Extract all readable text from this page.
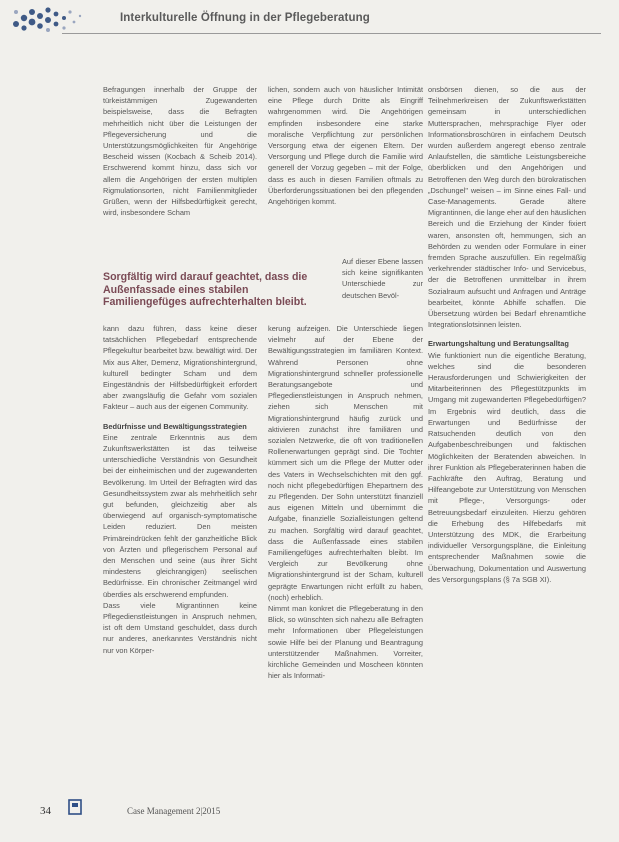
Interkulturelle Öffnung in der Pflegeberatung

Befragungen innerhalb der Gruppe der türkeistämmigen Zugewanderten beispielsweise, dass die Befragten mehrheitlich nicht über die Leistungen der Pflegeversicherung und die Unterstützungsmöglichkeiten für Angehörige Bescheid wissen (Kocbach & Scheib 2014). Erschwerend kommt hinzu, dass sich vor allem die Angehörigen der ersten multiplen Rigmulationsorten, nicht Familienmitglieder Grüßen, wenn der Hilfsbedürftigkeit gerecht, wird, insbesondere Scham

Sorgfältig wird darauf geachtet, dass die Außenfassade eines stabilen Familiengefüges aufrechterhalten bleibt.

kann dazu führen, dass keine dieser tatsächlichen Pflegebedarf entsprechende Pflegekultur bearbeitet bzw. bewältigt wird. Der Mix aus Alter, Demenz, Migrationshintergrund, kulturell bedingter Scham und dem Eingeständnis der Hilfsbedürftigkeit erfordert aber zwangsläufig die Gefahr vom sozialen Fakteur – auch aus der eigenen Community.

Bedürfnisse und Bewältigungsstrategien

Eine zentrale Erkenntnis aus dem Zukunftswerkstätten ist das teilweise unterschiedliche Verständnis von Gesundheit bei der einheimischen und der zugewanderten Bevölkerung. Im Urteil der Befragten wird das Gesundheitssystem zwar als mehrheitlich sehr gut befunden, gleichzeitig aber als überwiegend auf organisch-symptomatische Leiden reduziert. Den meisten Primäreindrücken fehlt der ganzheitliche Blick von Ärzten und pflegerischem Personal auf den Menschen und seine (aus ihrer Sicht mindestens gleichrangigen) seelischen Bedürfnisse. Ein chronischer Zeitmangel wird überdies als erschwerend empfunden.

Dass viele Migrantinnen keine Pflegedienstleistungen in Anspruch nehmen, ist oft dem Umstand geschuldet, dass durch nur anderes, anerkanntes Verständnis nicht nur von Körper-

lichen, sondern auch von häuslicher Intimität eine Pflege durch Dritte als Eingriff wahrgenommen wird. Die Angehörigen empfinden insbesondere eine starke moralische Verpflichtung zur persönlichen Versorgung etwa der eigenen Eltern. Der Versorgung und Pflege durch die Familie wird generell der Vorzug gegeben – mit der Folge, dass es auch in diesen Familien oftmals zu Überforderungssituationen bei den pflegenden Angehörigen kommt.

Auf dieser Ebene lassen sich keine signifikanten Unterschiede zur deutschen Bevöl-

kerung aufzeigen. Die Unterschiede liegen vielmehr auf der Ebene der Bewältigungsstrategien im familiären Kontext. Während Personen ohne Migrationshintergrund schneller professionelle Beratungsangebote und Pflegedienstleistungen in Anspruch nehmen, ziehen sich Menschen mit Migrationshintergrund häufig zurück und aktivieren zunächst ihre familiären und sozialen Netzwerke, die oft von traditionellen Rollenerwartungen geprägt sind. Die Tochter kümmert sich um die Pflege der Mutter oder des Vaters in Wechselschichten mit den ggf. noch nicht pflegebedürftigen Ehepartnern des zu Pflegenden. Der Sohn unterstützt finanziell aus eigenen Mitteln und übernimmt die Aufgabe, finanzielle Sozialleistungen geltend zu machen. Sorgfältig wird darauf geachtet, dass die Außenfassade eines stabilen Familiengefüges aufrechterhalten bleibt. Im Vergleich zur Bevölkerung ohne Migrationshintergrund ist der Scham, kulturell geprägte Erwartungen nicht erfüllt zu haben, (noch) erheblich.

Nimmt man konkret die Pflegeberatung in den Blick, so wünschten sich nahezu alle Befragten mehr Informationen über Pflegeleistungen sowie Hilfe bei der Planung und Beantragung unterstützender Maßnahmen. Vorreiter, kirchliche Gemeinden und Moscheen könnten hier als Informati-

onsbörsen dienen, so die aus der Teilnehmerkreisen der Zukunftswerkstätten gemeinsam in unterschiedlichen Muttersprachen, mehrsprachige Flyer oder Informationsbroschüren in einfachem Deutsch wurden außerdem angeregt ebenso zentrale Anlaufstellen, die sämtliche Leistungsbereiche überblicken und den Angehörigen und Betroffenen den Weg durch den bürokratischen „Dschungel" weisen – im Sinne eines Fall- und Case-Managements. Gerade ältere Migrantinnen, die lange eher auf den häuslichen Bereich und die Erziehung der Kinder fixiert waren, ansonsten oft, hemmungen, sich an Behörden zu wenden oder Formulare in einer fremden Sprache auszufüllen. Ein regelmäßig verkehrender städtischer Info- und Servicebus, der die Betroffenen unmittelbar in ihrem Sozialraum aufsucht und Anfragen und Anträge bearbeitet, könnte Abhilfe schaffen. Die Übersetzung würden bei Bedarf ehrenamtliche Integrationslotsinnen leisten.

Erwartungshaltung und Beratungsalltag

Wie funktioniert nun die eigentliche Beratung, welches sind die besonderen Herausforderungen und Schwierigkeiten der Mitarbeiterinnen des Pflegestützpunkts im Umgang mit zugewanderten Pflegebedürftigen? Im Ergebnis wird deutlich, dass die Erwartungen und Bedürfnisse der Ratsuchenden deutlich von den Aufgabenbeschreibungen und faktischen Möglichkeiten der Beratenden abweichen. In ihrer Funktion als Pflegeberaterinnen haben die Fachkräfte den Auftrag, Beratung und Hilfeangebote zur Unterstützung von Menschen mit Pflege-, Versorgungs- oder Betreuungsbedarf einzuleiten. Hierzu gehören die Erhebung des Hilfebedarfs mit Unterstützung des MDK, die Erarbeitung individueller Versorgungspläne, die Einleitung entsprechender Maßnahmen sowie die Überwachung, Dokumentation und Auswertung des Versorgungsplans (§ 7a SGB XI).

34	Case Management 2|2015
